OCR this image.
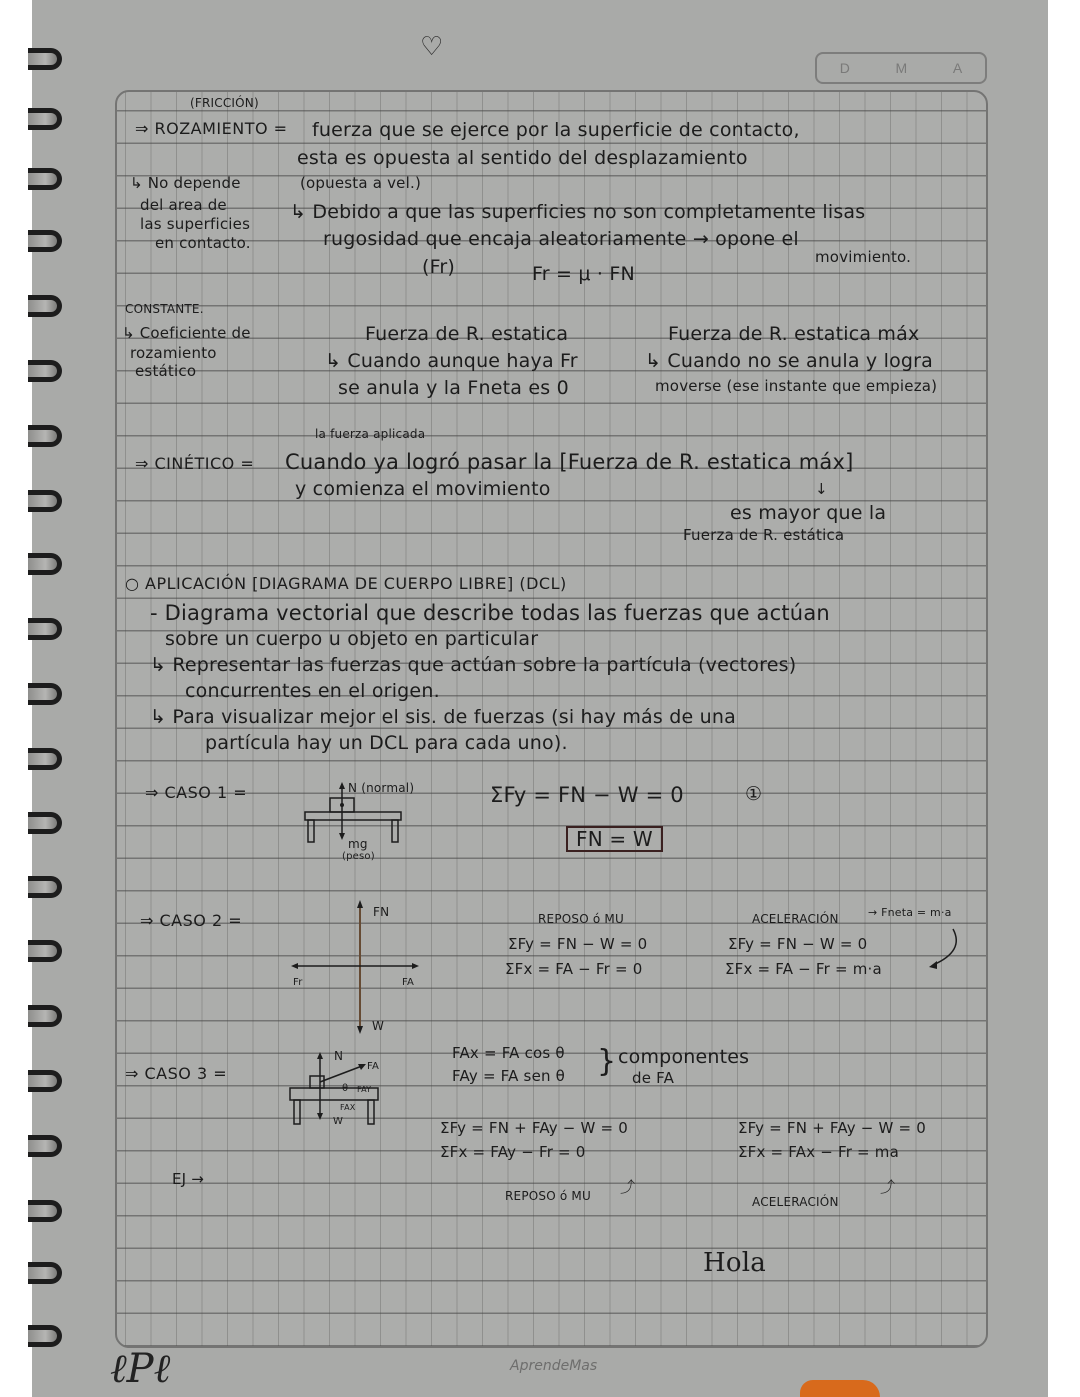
♡
D	M	A
(FRICCIÓN)
⇒ ROZAMIENTO = fuerza que se ejerce por la superficie de contacto,
esta es opuesta al sentido del desplazamiento
(opuesta a vel.)
↳ Debido a que las superficies no son completamente lisas
rugosidad que encaja aleatoriamente → opone el
movimiento.
↳ No depende
del area de
las superficies
en contacto.
(Fr)	Fr = μ · FN
CONSTANTE.
↳ Coeficiente de
rozamiento
estático
Fuerza de R. estatica
↳ Cuando aunque haya Fr
se anula y la Fneta es 0
Fuerza de R. estatica máx
↳ Cuando no se anula y logra
moverse (ese instante que empieza)
la fuerza aplicada
⇒ CINÉTICO = Cuando ya logró pasar la [Fuerza de R. estatica máx]
y comienza el movimiento	↓
es mayor que la
Fuerza de R. estática
○ APLICACIÓN [DIAGRAMA DE CUERPO LIBRE] (DCL)
- Diagrama vectorial que describe todas las fuerzas que actúan
sobre un cuerpo u objeto en particular
↳ Representar las fuerzas que actúan sobre la partícula (vectores)
concurrentes en el origen.
↳ Para visualizar mejor el sis. de fuerzas (si hay más de una
partícula hay un DCL para cada uno).
⇒ CASO 1 =	N (normal)
mg
(peso)
ΣFy = FN − W = 0	①
FN = W
⇒ CASO 2 =	FN
W
Fr	FA
REPOSO ó MU
ΣFy = FN − W = 0
ΣFx = FA − Fr = 0
ACELERACIÓN	→ Fneta = m·a
ΣFy = FN − W = 0
ΣFx = FA − Fr = m·a
⇒ CASO 3 =
N
FA
θ FAY
FAX
W
FAx = FA cos θ
FAy = FA sen θ } componentes
de FA
ΣFy = FN + FAy − W = 0
ΣFx = FAy − Fr = 0
REPOSO ó MU ⤴
ΣFy = FN + FAy − W = 0
ΣFx = FAx − Fr = ma
ACELERACIÓN
⤴
EJ →
Hola
ℓPℓ	AprendeMas
